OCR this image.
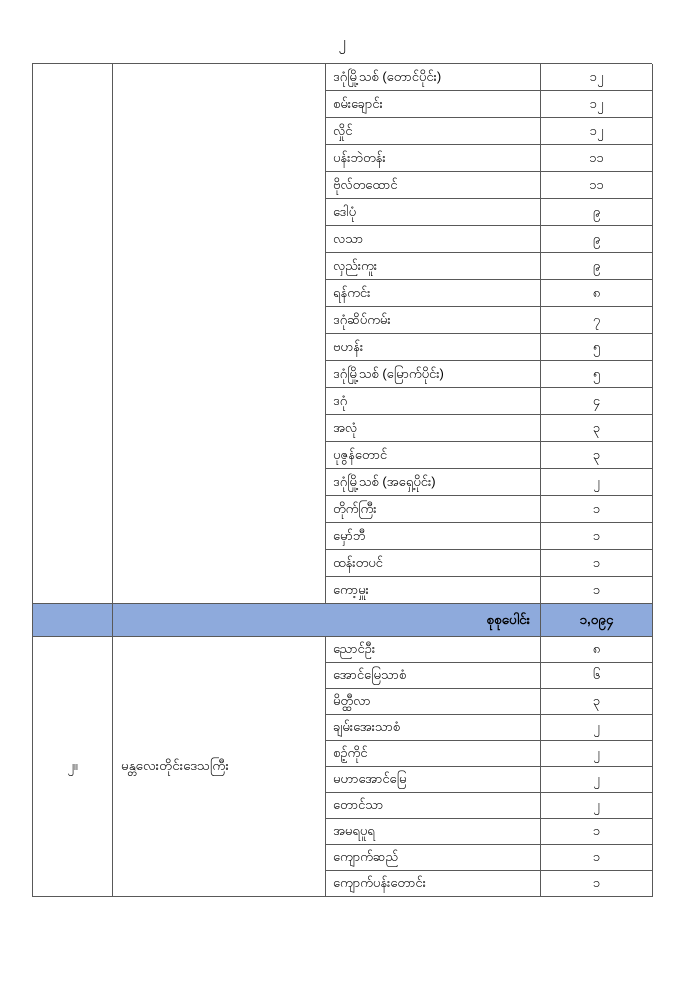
၂
ဒဂုံမြို့သစ် (တောင်ပိုင်း)	၁၂
စမ်းချောင်း	၁၂
လှိုင်	၁၂
ပန်းဘဲတန်း	၁၁
ဗိုလ်တထောင်	၁၁
ဒေါပုံ	၉
လသာ	၉
လှည်းကူး	၉
ရန်ကင်း	၈
ဒဂုံဆိပ်ကမ်း	၇
ဗဟန်း	၅
ဒဂုံမြို့သစ် (မြောက်ပိုင်း)	၅
ဒဂုံ	၄
အလုံ	၃
ပုဇွန်တောင်	၃
ဒဂုံမြို့သစ် (အရှေ့ပိုင်း)	၂
တိုက်ကြီး	၁
မှော်ဘီ	၁
ထန်းတပင်	၁
ကော့မှူး	၁
စုစုပေါင်း	၁,၀၉၄
၂။	မန္တလေးတိုင်းဒေသကြီး
ညောင်ဦး	၈
အောင်မြေသာစံ	၆
မိတ္ထီလာ	၃
ချမ်းအေးသာစံ	၂
စဉ့်ကိုင်	၂
မဟာအောင်မြေ	၂
တောင်သာ	၂
အမရပူရ	၁
ကျောက်ဆည်	၁
ကျောက်ပန်းတောင်း	၁
